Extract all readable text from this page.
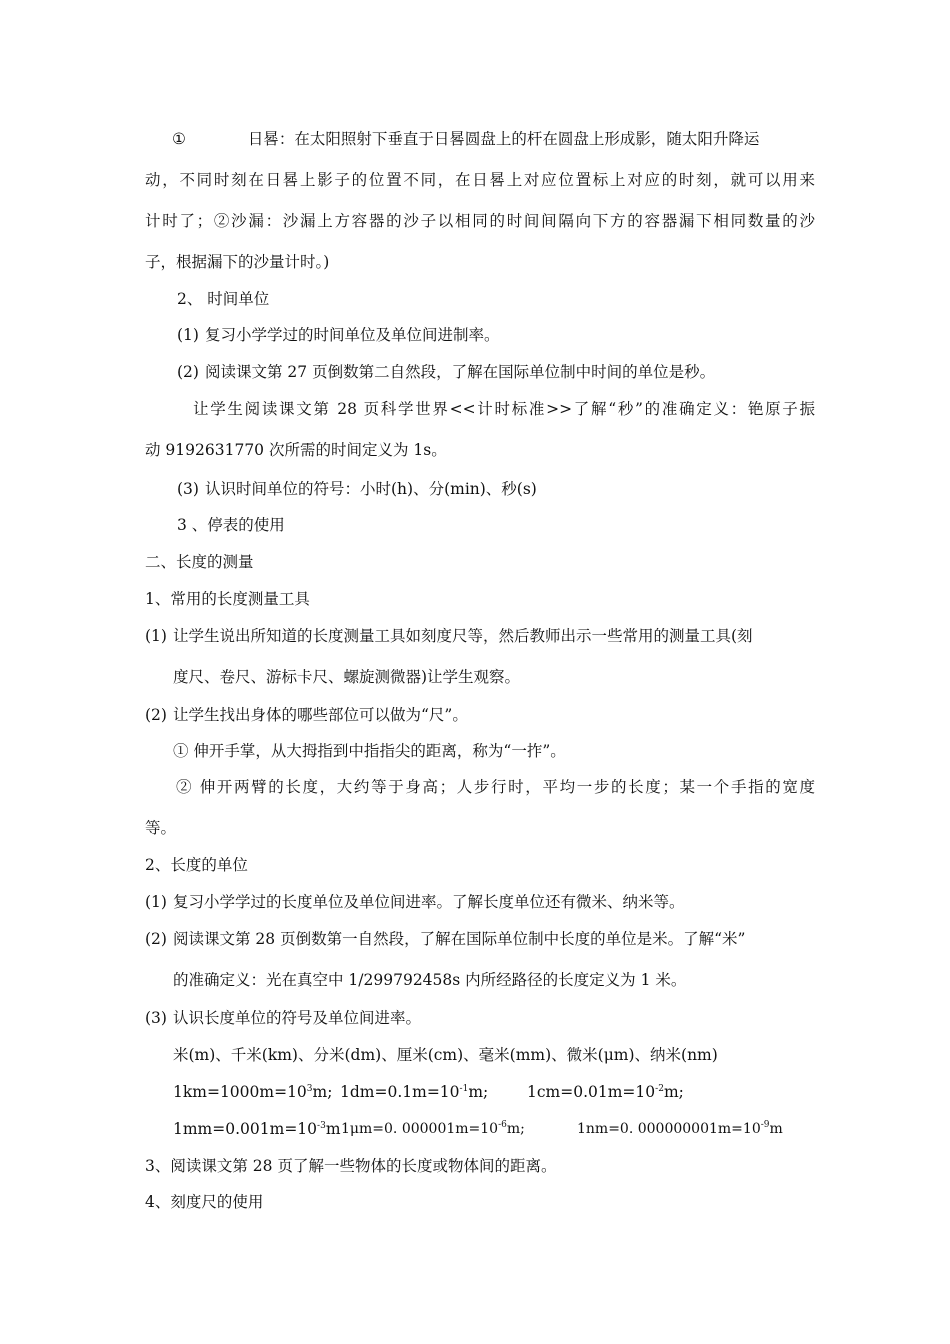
①	日晷：在太阳照射下垂直于日晷圆盘上的杆在圆盘上形成影，随太阳升降运
动，不同时刻在日晷上影子的位置不同，在日晷上对应位置标上对应的时刻，就可以用来
计时了；②沙漏：沙漏上方容器的沙子以相同的时间间隔向下方的容器漏下相同数量的沙
子，根据漏下的沙量计时。)
2、 时间单位
(1) 复习小学学过的时间单位及单位间进制率。
(2) 阅读课文第 27 页倒数第二自然段，了解在国际单位制中时间的单位是秒。
让学生阅读课文第 28 页科学世界<<计时标准>>了解“秒”的准确定义：铯原子振
动 9192631770 次所需的时间定义为 1s。
(3) 认识时间单位的符号：小时(h)、分(min)、秒(s)
3 、停表的使用
二、长度的测量
1、常用的长度测量工具
(1) 让学生说出所知道的长度测量工具如刻度尺等，然后教师出示一些常用的测量工具(刻
度尺、卷尺、游标卡尺、螺旋测微器)让学生观察。
(2) 让学生找出身体的哪些部位可以做为“尺”。
① 伸开手掌，从大拇指到中指指尖的距离，称为“一拃”。
② 伸开两臂的长度，大约等于身高；人步行时，平均一步的长度；某一个手指的宽度
等。
2、长度的单位
(1) 复习小学学过的长度单位及单位间进率。了解长度单位还有微米、纳米等。
(2) 阅读课文第 28 页倒数第一自然段，了解在国际单位制中长度的单位是米。了解“米”
的准确定义：光在真空中 1/299792458s 内所经路径的长度定义为 1 米。
(3) 认识长度单位的符号及单位间进率。
米(m)、千米(km)、分米(dm)、厘米(cm)、毫米(mm)、微米(μm)、纳米(nm)
$1km=1000m=10^3m$; $1dm=0.1m=10^{-1}m$;	$1cm=0.01m=10^{-2}m$;
$1mm=0.001m=10^{-3}m$ 1μm=0. $000001m=10^{-6}m$;	1nm=0. $000000001m=10^{-9}m$
3、阅读课文第 28 页了解一些物体的长度或物体间的距离。
4、刻度尺的使用
